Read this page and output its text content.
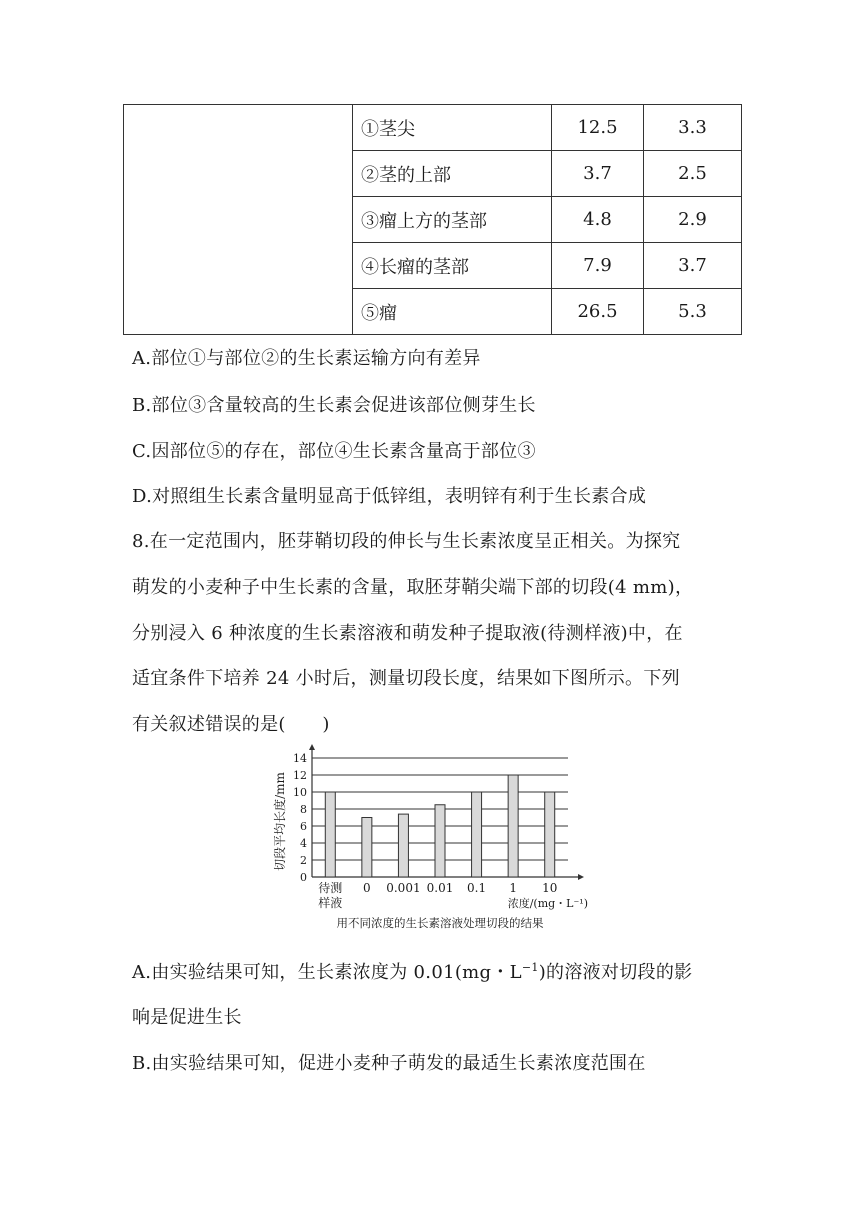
	①茎尖	12.5	3.3
	②茎的上部	3.7	2.5
	③瘤上方的茎部	4.8	2.9
	④长瘤的茎部	7.9	3.7
	⑤瘤	26.5	5.3
A.部位①与部位②的生长素运输方向有差异
B.部位③含量较高的生长素会促进该部位侧芽生长
C.因部位⑤的存在，部位④生长素含量高于部位③
D.对照组生长素含量明显高于低锌组，表明锌有利于生长素合成
8.在一定范围内，胚芽鞘切段的伸长与生长素浓度呈正相关。为探究
萌发的小麦种子中生长素的含量，取胚芽鞘尖端下部的切段(4 mm)，
分别浸入 6 种浓度的生长素溶液和萌发种子提取液(待测样液)中，在
适宜条件下培养 24 小时后，测量切段长度，结果如下图所示。下列
有关叙述错误的是(　　)
0
2
4
6
8
10
12
14
切段平均长度/mm
待测
样液
0 0.001 0.01 0.1 1 10
浓度/(mg・L⁻¹)
用不同浓度的生长素溶液处理切段的结果
A.由实验结果可知，生长素浓度为 0.01(mg・$L^{-1}$)的溶液对切段的影
响是促进生长
B.由实验结果可知，促进小麦种子萌发的最适生长素浓度范围在
